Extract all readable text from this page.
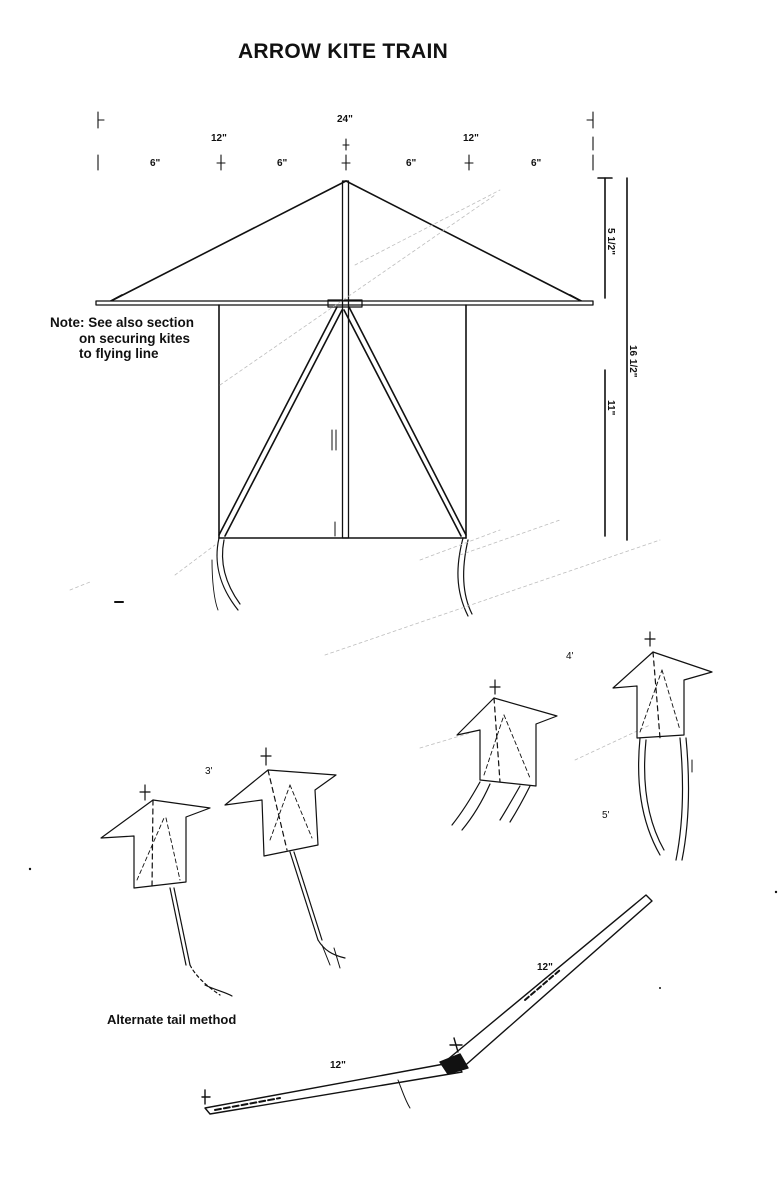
ARROW KITE TRAIN
24"
12"	12"
6"	6"	6"	6"
5 1/2"
16 1/2"
11"
Note: See also section
on securing kites
to flying line
3'
4'
5'
Alternate tail method
12"
12"
